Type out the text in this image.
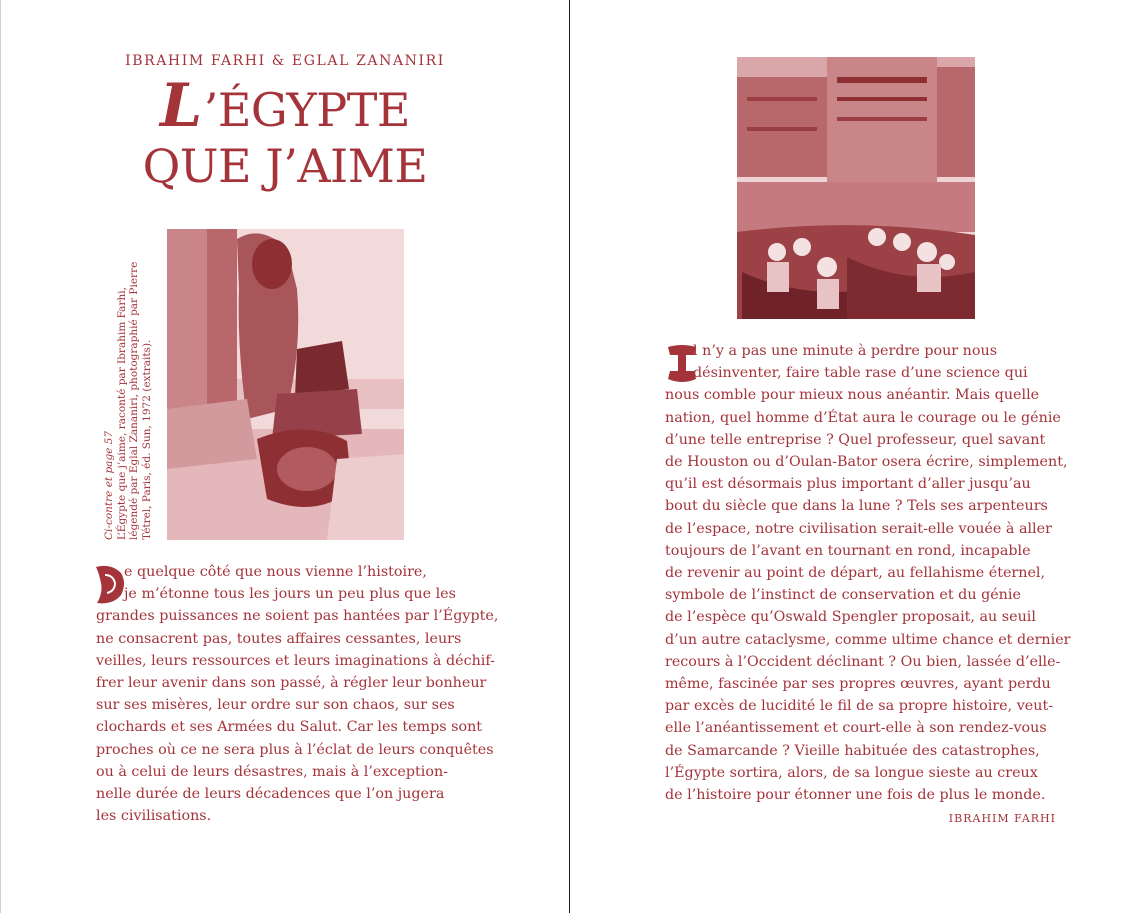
IBRAHIM FARHI & EGLAL ZANANIRI
L’ÉGYPTE
QUE J’AIME
Ci-contre et page 57 L’Égypte que j’aime, raconté par Ibrahim Farhi, légendé par Eglal Zananiri, photographié par Pierre Tétrel, Paris, éd. Sun, 1972 (extraits).
e quelque côté que nous vienne l’histoire,
je m’étonne tous les jours un peu plus que les
grandes puissances ne soient pas hantées par l’Égypte,
ne consacrent pas, toutes affaires cessantes, leurs
veilles, leurs ressources et leurs imaginations à déchif-
frer leur avenir dans son passé, à régler leur bonheur
sur ses misères, leur ordre sur son chaos, sur ses
clochards et ses Armées du Salut. Car les temps sont
proches où ce ne sera plus à l’éclat de leurs conquêtes
ou à celui de leurs désastres, mais à l’exception-
nelle durée de leurs décadences que l’on jugera
les civilisations.
l n’y a pas une minute à perdre pour nous
désinventer, faire table rase d’une science qui
nous comble pour mieux nous anéantir. Mais quelle
nation, quel homme d’État aura le courage ou le génie
d’une telle entreprise ? Quel professeur, quel savant
de Houston ou d’Oulan-Bator osera écrire, simplement,
qu’il est désormais plus important d’aller jusqu’au
bout du siècle que dans la lune ? Tels ses arpenteurs
de l’espace, notre civilisation serait-elle vouée à aller
toujours de l’avant en tournant en rond, incapable
de revenir au point de départ, au fellahisme éternel,
symbole de l’instinct de conservation et du génie
de l’espèce qu’Oswald Spengler proposait, au seuil
d’un autre cataclysme, comme ultime chance et dernier
recours à l’Occident déclinant ? Ou bien, lassée d’elle-
même, fascinée par ses propres œuvres, ayant perdu
par excès de lucidité le fil de sa propre histoire, veut-
elle l’anéantissement et court-elle à son rendez-vous
de Samarcande ? Vieille habituée des catastrophes,
l’Égypte sortira, alors, de sa longue sieste au creux
de l’histoire pour étonner une fois de plus le monde.
IBRAHIM FARHI
